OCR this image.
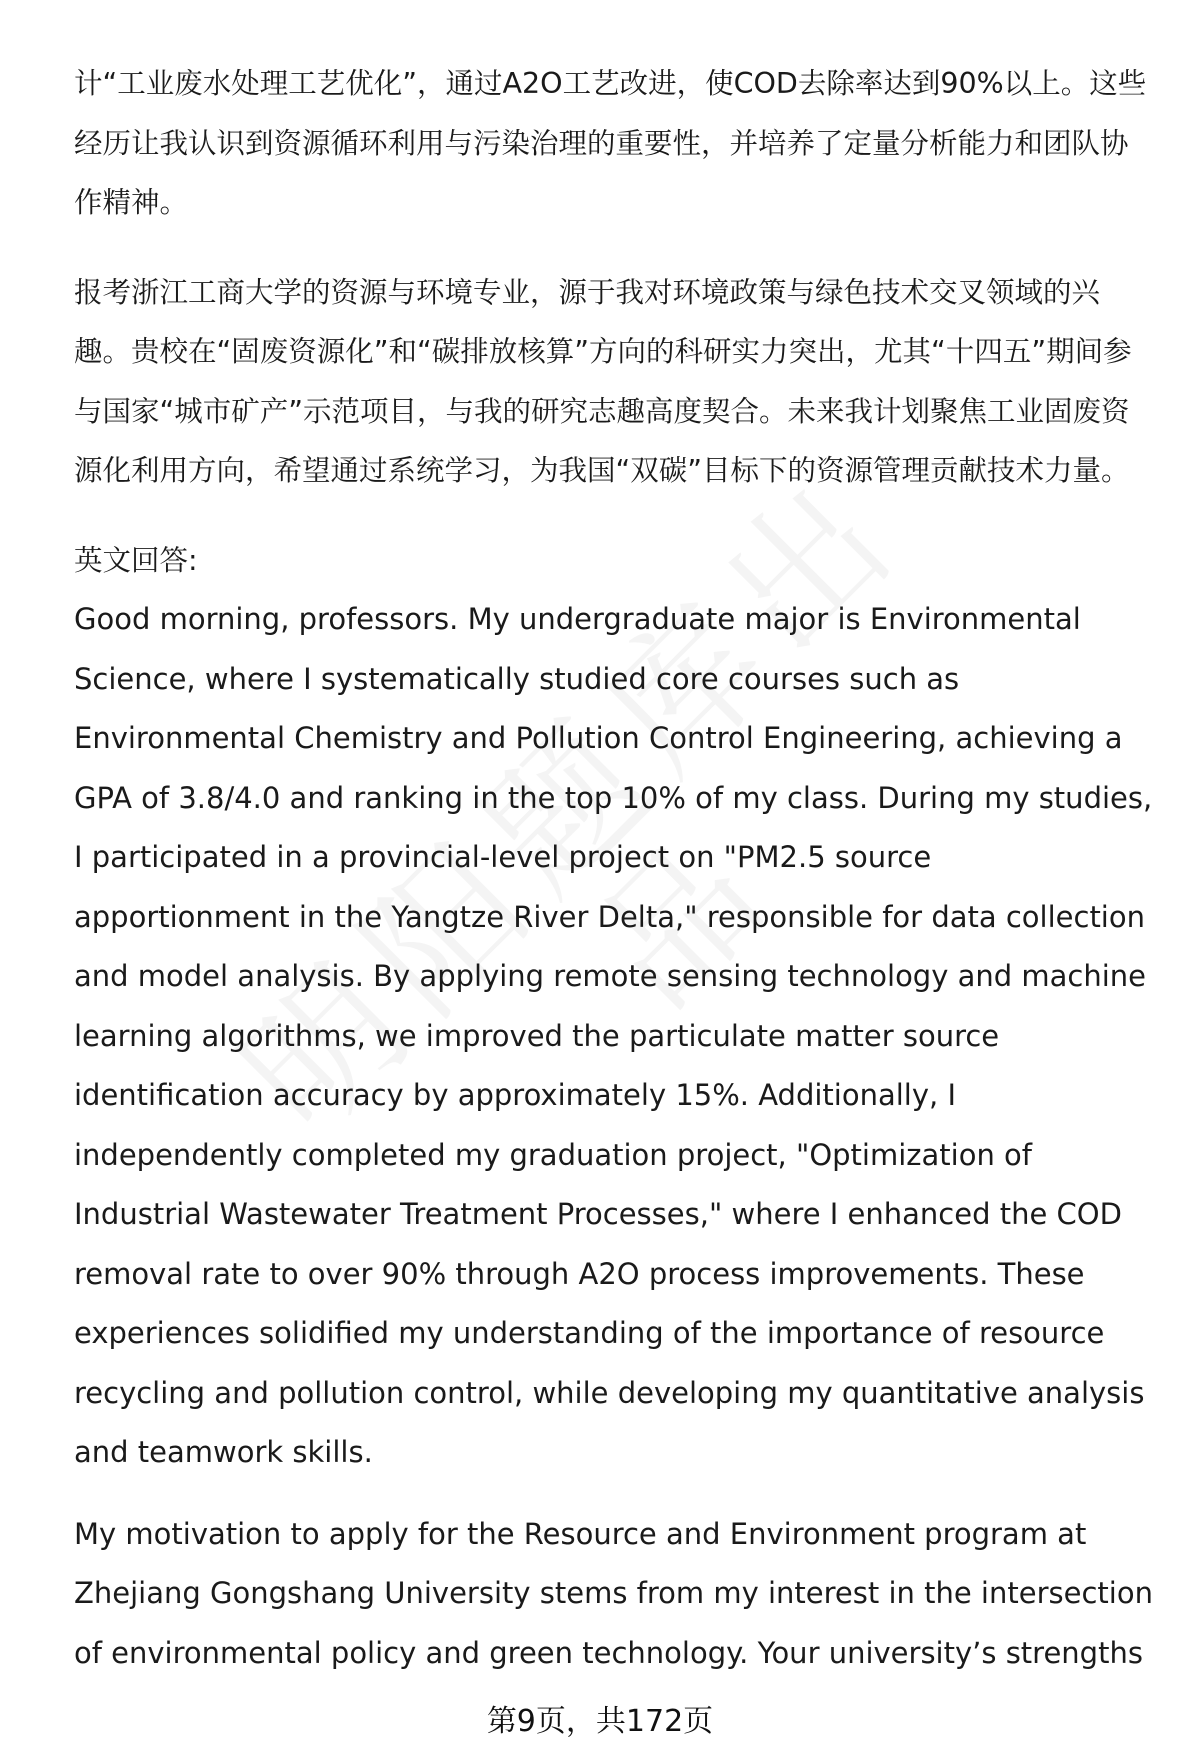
计“工业废水处理工艺优化”，通过A2O工艺改进，使COD去除率达到90%以上。这些经历让我认识到资源循环利用与污染治理的重要性，并培养了定量分析能力和团队协作精神。

报考浙江工商大学的资源与环境专业，源于我对环境政策与绿色技术交叉领域的兴趣。贵校在“固废资源化”和“碳排放核算”方向的科研实力突出，尤其“十四五”期间参与国家“城市矿产”示范项目，与我的研究志趣高度契合。未来我计划聚焦工业固废资源化利用方向，希望通过系统学习，为我国“双碳”目标下的资源管理贡献技术力量。

英文回答:

Good morning, professors. My undergraduate major is Environmental Science, where I systematically studied core courses such as Environmental Chemistry and Pollution Control Engineering, achieving a GPA of 3.8/4.0 and ranking in the top 10% of my class. During my studies, I participated in a provincial-level project on "PM2.5 source apportionment in the Yangtze River Delta," responsible for data collection and model analysis. By applying remote sensing technology and machine learning algorithms, we improved the particulate matter source identification accuracy by approximately 15%. Additionally, I independently completed my graduation project, "Optimization of Industrial Wastewater Treatment Processes," where I enhanced the COD removal rate to over 90% through A2O process improvements. These experiences solidified my understanding of the importance of resource recycling and pollution control, while developing my quantitative analysis and teamwork skills.

My motivation to apply for the Resource and Environment program at Zhejiang Gongshang University stems from my interest in the intersection of environmental policy and green technology. Your university’s strengths

第9页，共172页
